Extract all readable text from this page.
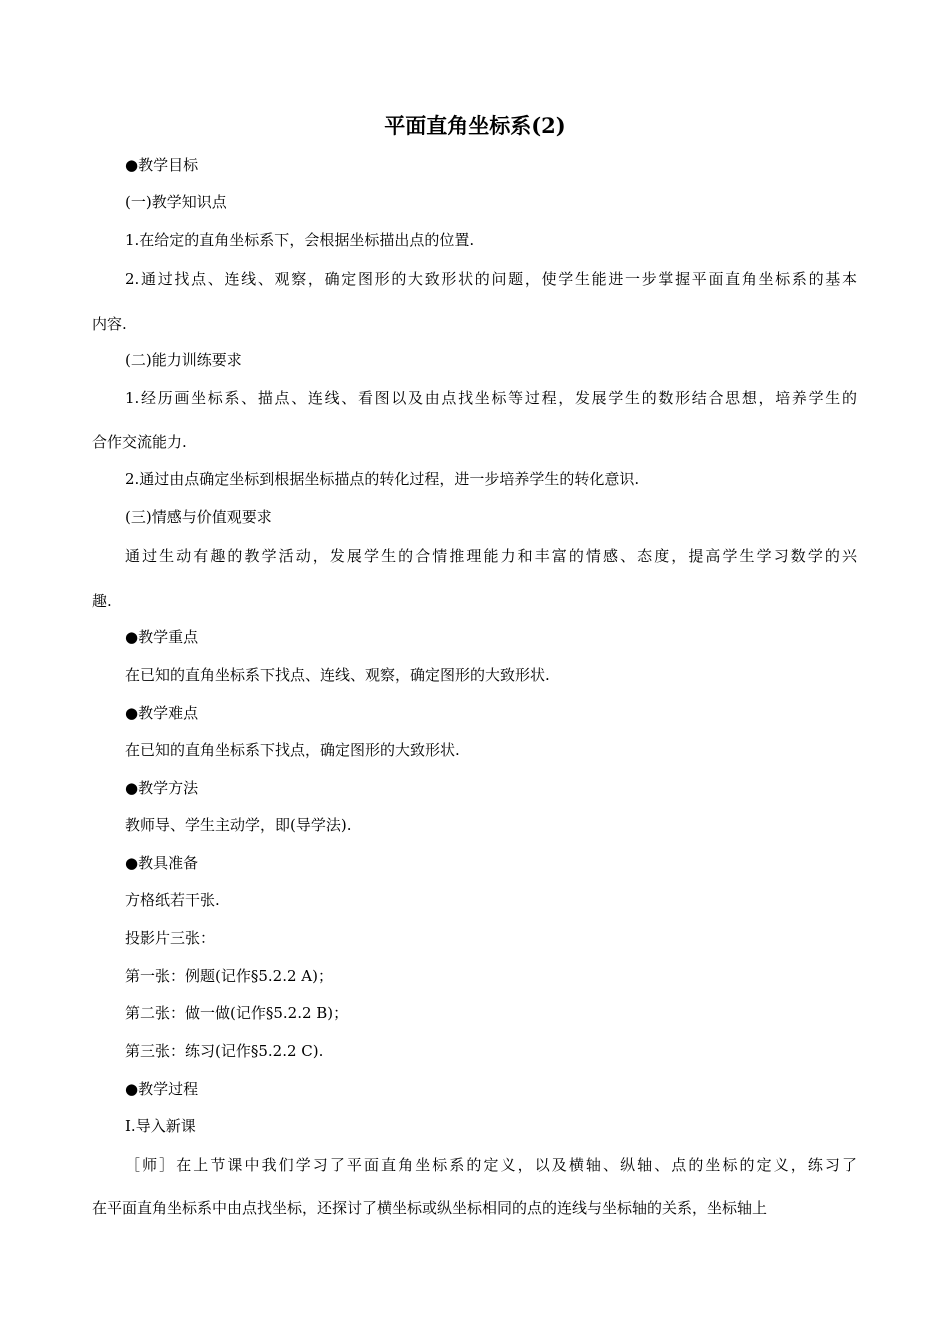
平面直角坐标系(2)
●教学目标
(一)教学知识点
1.在给定的直角坐标系下，会根据坐标描出点的位置.
2.通过找点、连线、观察，确定图形的大致形状的问题，使学生能进一步掌握平面直角坐标系的基本
内容.
(二)能力训练要求
1.经历画坐标系、描点、连线、看图以及由点找坐标等过程，发展学生的数形结合思想，培养学生的
合作交流能力.
2.通过由点确定坐标到根据坐标描点的转化过程，进一步培养学生的转化意识.
(三)情感与价值观要求
通过生动有趣的教学活动，发展学生的合情推理能力和丰富的情感、态度，提高学生学习数学的兴
趣.
●教学重点
在已知的直角坐标系下找点、连线、观察，确定图形的大致形状.
●教学难点
在已知的直角坐标系下找点，确定图形的大致形状.
●教学方法
教师导、学生主动学，即(导学法).
●教具准备
方格纸若干张.
投影片三张：
第一张：例题(记作§5.2.2 A)；
第二张：做一做(记作§5.2.2 B)；
第三张：练习(记作§5.2.2 C).
●教学过程
Ⅰ.导入新课
［师］在上节课中我们学习了平面直角坐标系的定义，以及横轴、纵轴、点的坐标的定义，练习了
在平面直角坐标系中由点找坐标，还探讨了横坐标或纵坐标相同的点的连线与坐标轴的关系，坐标轴上
